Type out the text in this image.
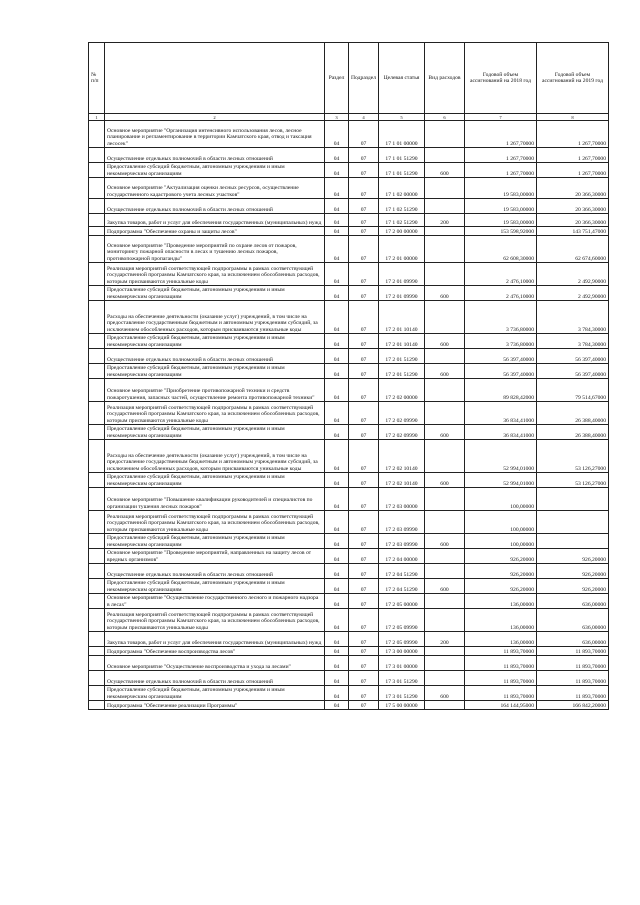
№ п/п		Раздел	Подраздел	Целевая статья	Вид расходов	Годовой объем ассигнований на 2018 год	Годовой объем ассигнований на 2019 год
1	2	3	4	5	6	7	8
	Основное мероприятие "Организация интенсивного использования лесов, лесное планирование и регламентирование в территории Камчатского края, отвод и таксация лесосек"	04	07	17 1 01 00000		1 267,70000	1 267,70000
	Осуществление отдельных полномочий в области лесных отношений	04	07	17 1 01 51290		1 267,70000	1 267,70000
	Предоставление субсидий бюджетным, автономным учреждениям и иным некоммерческим организациям	04	07	17 1 01 51290	600	1 267,70000	1 267,70000
	Основное мероприятие "Актуализация оценки лесных ресурсов, осуществление государственного кадастрового учета лесных участков"	04	07	17 1 02 00000		19 583,00000	20 366,30000
	Осуществление отдельных полномочий в области лесных отношений	04	07	17 1 02 51290		19 583,00000	20 366,30000
	Закупка товаров, работ и услуг для обеспечения государственных (муниципальных) нужд	04	07	17 1 02 51290	200	19 583,00000	20 366,30000
	Подпрограмма "Обеспечение охраны и защиты лесов"	04	07	17 2 00 00000		153 598,92000	143 751,47000
	Основное мероприятие "Проведение мероприятий по охране лесов от пожаров, мониторингу пожарной опасности в лесах и тушению лесных пожаров, противопожарной пропаганды"	04	07	17 2 01 00000		62 608,30000	62 674,60000
	Реализация мероприятий соответствующей подпрограммы в рамках соответствующей государственной программы Камчатского края, за исключением обособленных расходов, которым присваиваются уникальные коды	04	07	17 2 01 09990		2 476,10000	2 492,90000
	Предоставление субсидий бюджетным, автономным учреждениям и иным некоммерческим организациям	04	07	17 2 01 09990	600	2 476,10000	2 492,90000
	Расходы на обеспечение деятельности (оказание услуг) учреждений, в том числе на предоставление государственным бюджетным и автономным учреждениям субсидий, за исключением обособленных расходов, которым присваиваются уникальные коды	04	07	17 2 01 10140		3 736,80000	3 784,30000
	Предоставление субсидий бюджетным, автономным учреждениям и иным некоммерческим организациям	04	07	17 2 01 10140	600	3 736,80000	3 784,30000
	Осуществление отдельных полномочий в области лесных отношений	04	07	17 2 01 51290		56 397,40000	56 397,40000
	Предоставление субсидий бюджетным, автономным учреждениям и иным некоммерческим организациям	04	07	17 2 01 51290	600	56 397,40000	56 397,40000
	Основное мероприятие "Приобретение противопожарной техники и средств пожаротушения, запасных частей, осуществление ремонта противопожарной техники"	04	07	17 2 02 00000		89 828,42000	79 514,67000
	Реализация мероприятий соответствующей подпрограммы в рамках соответствующей государственной программы Камчатского края, за исключением обособленных расходов, которым присваиваются уникальные коды	04	07	17 2 02 09990		36 834,41000	26 388,40000
	Предоставление субсидий бюджетным, автономным учреждениям и иным некоммерческим организациям	04	07	17 2 02 09990	600	36 834,41000	26 388,40000
	Расходы на обеспечение деятельности (оказание услуг) учреждений, в том числе на предоставление государственным бюджетным и автономным учреждениям субсидий, за исключением обособленных расходов, которым присваиваются уникальные коды	04	07	17 2 02 10140		52 994,01000	53 126,27000
	Предоставление субсидий бюджетным, автономным учреждениям и иным некоммерческим организациям	04	07	17 2 02 10140	600	52 994,01000	53 126,27000
	Основное мероприятие "Повышение квалификации руководителей и специалистов по организации тушения лесных пожаров"	04	07	17 2 03 00000		100,00000	
	Реализация мероприятий соответствующей подпрограммы в рамках соответствующей государственной программы Камчатского края, за исключением обособленных расходов, которым присваиваются уникальные коды	04	07	17 2 03 09990		100,00000	
	Предоставление субсидий бюджетным, автономным учреждениям и иным некоммерческим организациям	04	07	17 2 03 09990	600	100,00000	
	Основное мероприятие "Проведение мероприятий, направленных на защиту лесов от вредных организмов"	04	07	17 2 04 00000		926,20000	926,20000
	Осуществление отдельных полномочий в области лесных отношений	04	07	17 2 04 51290		926,20000	926,20000
	Предоставление субсидий бюджетным, автономным учреждениям и иным некоммерческим организациям	04	07	17 2 04 51290	600	926,20000	926,20000
	Основное мероприятие "Осуществление государственного лесного и пожарного надзора в лесах"	04	07	17 2 05 00000		136,00000	636,00000
	Реализация мероприятий соответствующей подпрограммы в рамках соответствующей государственной программы Камчатского края, за исключением обособленных расходов, которым присваиваются уникальные коды	04	07	17 2 05 09990		136,00000	636,00000
	Закупка товаров, работ и услуг для обеспечения государственных (муниципальных) нужд	04	07	17 2 05 09990	200	136,00000	636,00000
	Подпрограмма "Обеспечение воспроизводства лесов"	04	07	17 3 00 00000		11 893,70000	11 893,70000
	Основное мероприятие "Осуществление воспроизводства и ухода за лесами"	04	07	17 3 01 00000		11 893,70000	11 893,70000
	Осуществление отдельных полномочий в области лесных отношений	04	07	17 3 01 51290		11 893,70000	11 893,70000
	Предоставление субсидий бюджетным, автономным учреждениям и иным некоммерческим организациям	04	07	17 3 01 51290	600	11 893,70000	11 893,70000
	Подпрограмма "Обеспечение реализации Программы"	04	07	17 5 00 00000		164 144,95000	166 842,20000
